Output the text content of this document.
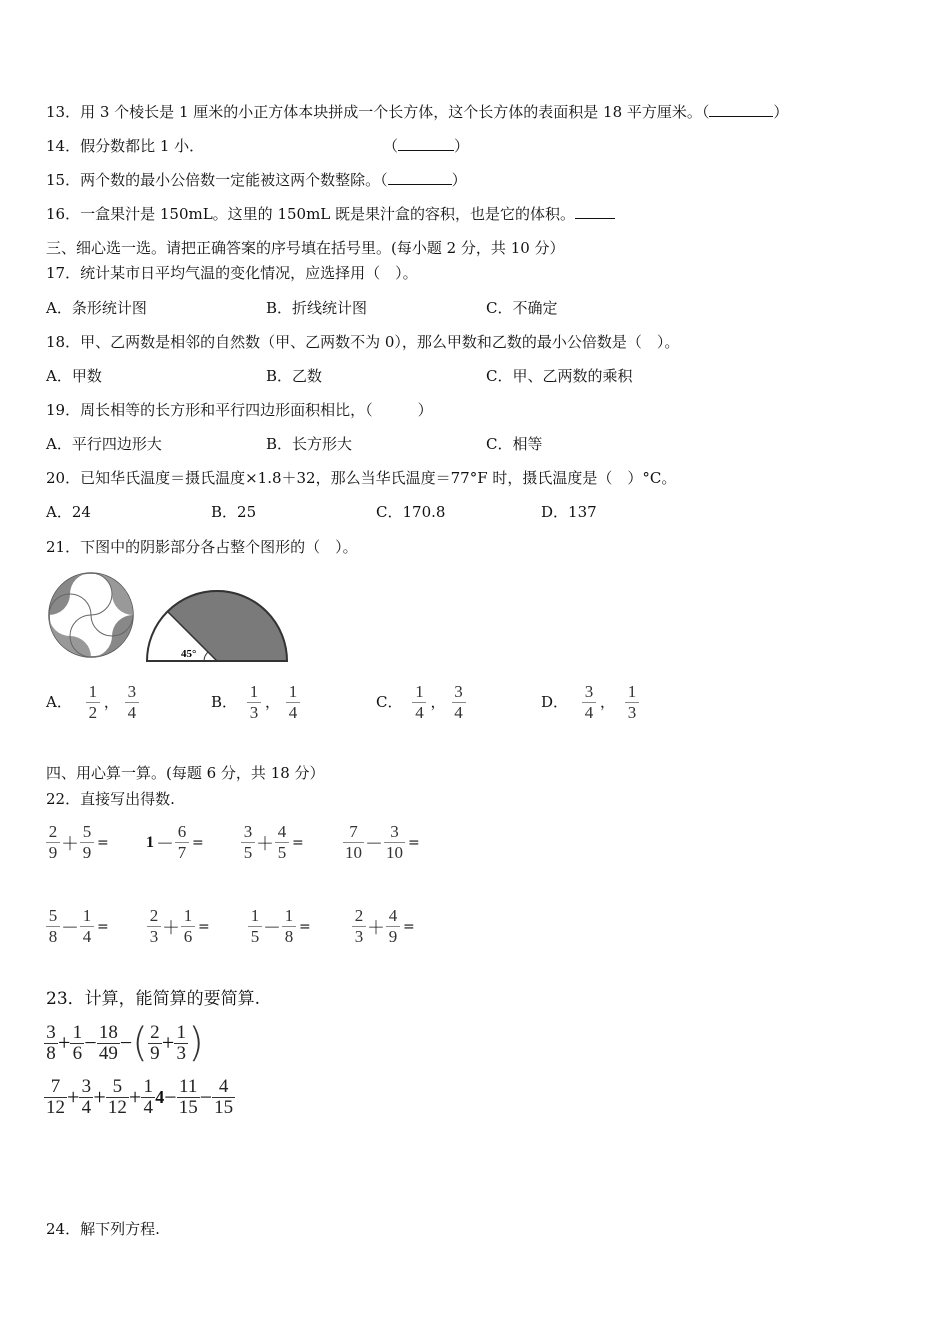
13．用 3 个棱长是 1 厘米的小正方体本块拼成一个长方体，这个长方体的表面积是 18 平方厘米。（	）
14．假分数都比 1 小．	（	）
15．两个数的最小公倍数一定能被这两个数整除。（	）
16．一盒果汁是 150mL。这里的 150mL 既是果汁盒的容积，也是它的体积。
三、细心选一选。请把正确答案的序号填在括号里。(每小题 2 分，共 10 分）
17．统计某市日平均气温的变化情况，应选择用（　）。
A．条形统计图	B．折线统计图	C．不确定
18．甲、乙两数是相邻的自然数（甲、乙两数不为 0），那么甲数和乙数的最小公倍数是（　）。
A．甲数	B．乙数	C．甲、乙两数的乘积
19．周长相等的长方形和平行四边形面积相比，（　　　）
A．平行四边形大	B．长方形大	C．相等
20．已知华氏温度＝摄氏温度×1.8＋32，那么当华氏温度＝77°F 时，摄氏温度是（　）°C。
A．24	B．25	C．170.8	D．137
21．下图中的阴影部分各占整个图形的（　）。
45°
A． $\frac{1}{2}$ ， $\frac{3}{4}$	B． $\frac{1}{3}$ ， $\frac{1}{4}$	C． $\frac{1}{4}$ ， $\frac{3}{4}$	D． $\frac{3}{4}$ ， $\frac{1}{3}$
四、用心算一算。(每题 6 分，共 18 分）
22．直接写出得数.
$\frac{2}{9} + \frac{5}{9} = 1 - \frac{6}{7} = \frac{3}{5} + \frac{4}{5} = \frac{7}{10} - \frac{3}{10}$ =
$\frac{5}{8} - \frac{1}{4} = \frac{2}{3} + \frac{1}{6} = \frac{1}{5} - \frac{1}{8} = \frac{2}{3} + \frac{4}{9}$ =
23．计算，能简算的要简算.
$\frac{3}{8} + \frac{1}{6} - \frac{18}{49}$ −( $\frac{2}{9} + \frac{1}{3}$ )
$\frac{7}{12} + \frac{3}{4} + \frac{5}{12} + \frac{1}{4} 4- \frac{11}{15} - \frac{4}{15}$
24．解下列方程.
